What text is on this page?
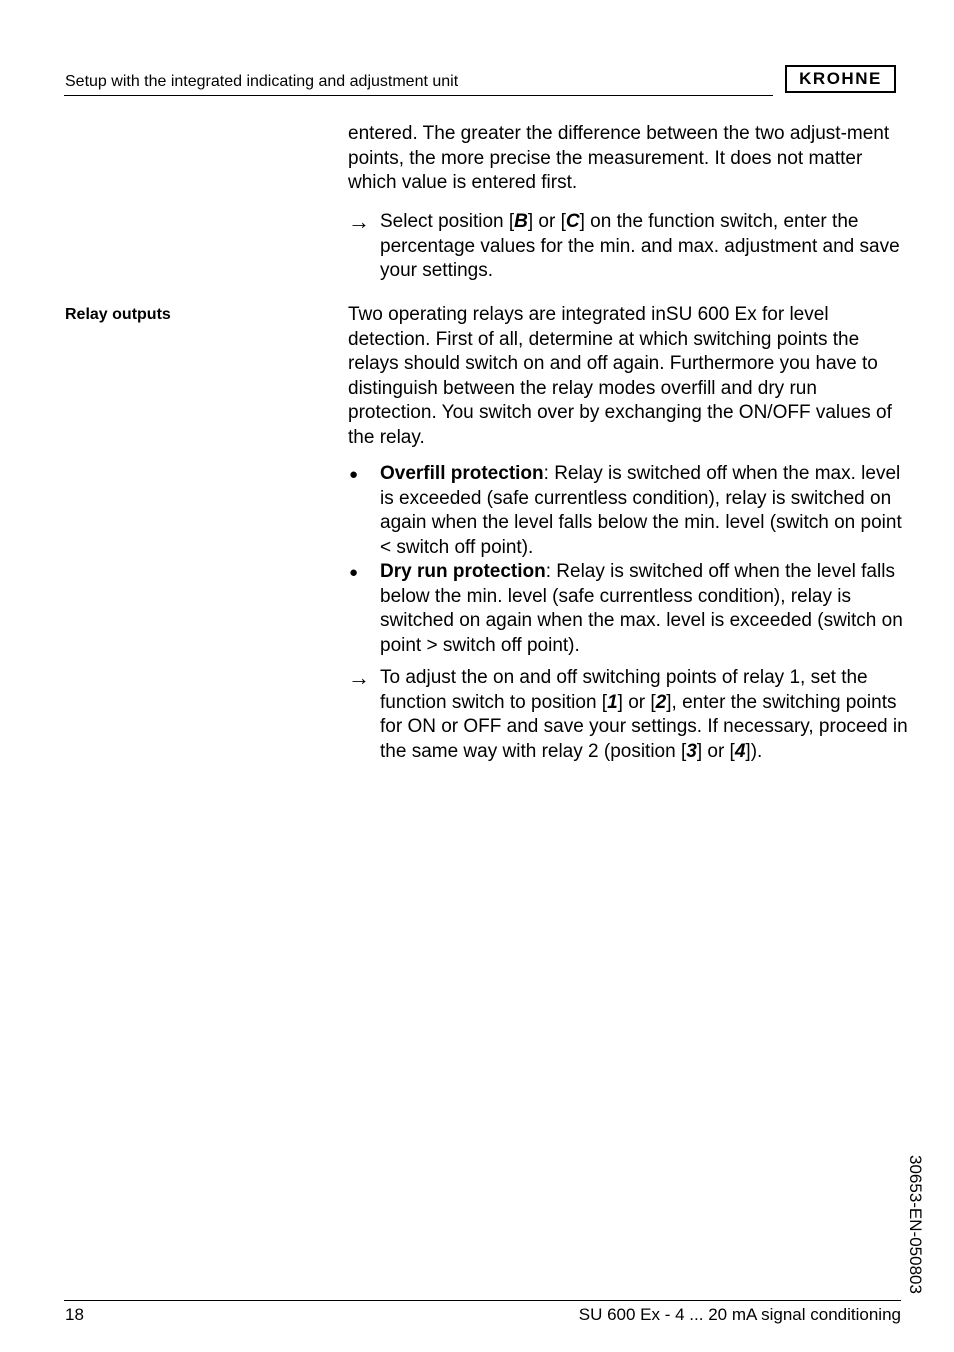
Setup with the integrated indicating and adjustment unit	KROHNE
entered. The greater the difference between the two adjust-ment points, the more precise the measurement. It does not matter which value is entered first.
→ Select position [B] or [C] on the function switch, enter the percentage values for the min. and max. adjustment and save your settings.
Relay outputs	Two operating relays are integrated inSU 600 Ex for level detection. First of all, determine at which switching points the relays should switch on and off again. Furthermore you have to distinguish between the relay modes overfill and dry run protection. You switch over by exchanging the ON/OFF values of the relay.
● Overfill protection: Relay is switched off when the max. level is exceeded (safe currentless condition), relay is switched on again when the level falls below the min. level (switch on point < switch off point).
● Dry run protection: Relay is switched off when the level falls below the min. level (safe currentless condition), relay is switched on again when the max. level is exceeded (switch on point > switch off point).
→ To adjust the on and off switching points of relay 1, set the function switch to position [1] or [2], enter the switching points for ON or OFF and save your settings. If necessary, proceed in the same way with relay 2 (position [3] or [4]).
30653-EN-050803
18	SU 600 Ex - 4 ... 20 mA signal conditioning
